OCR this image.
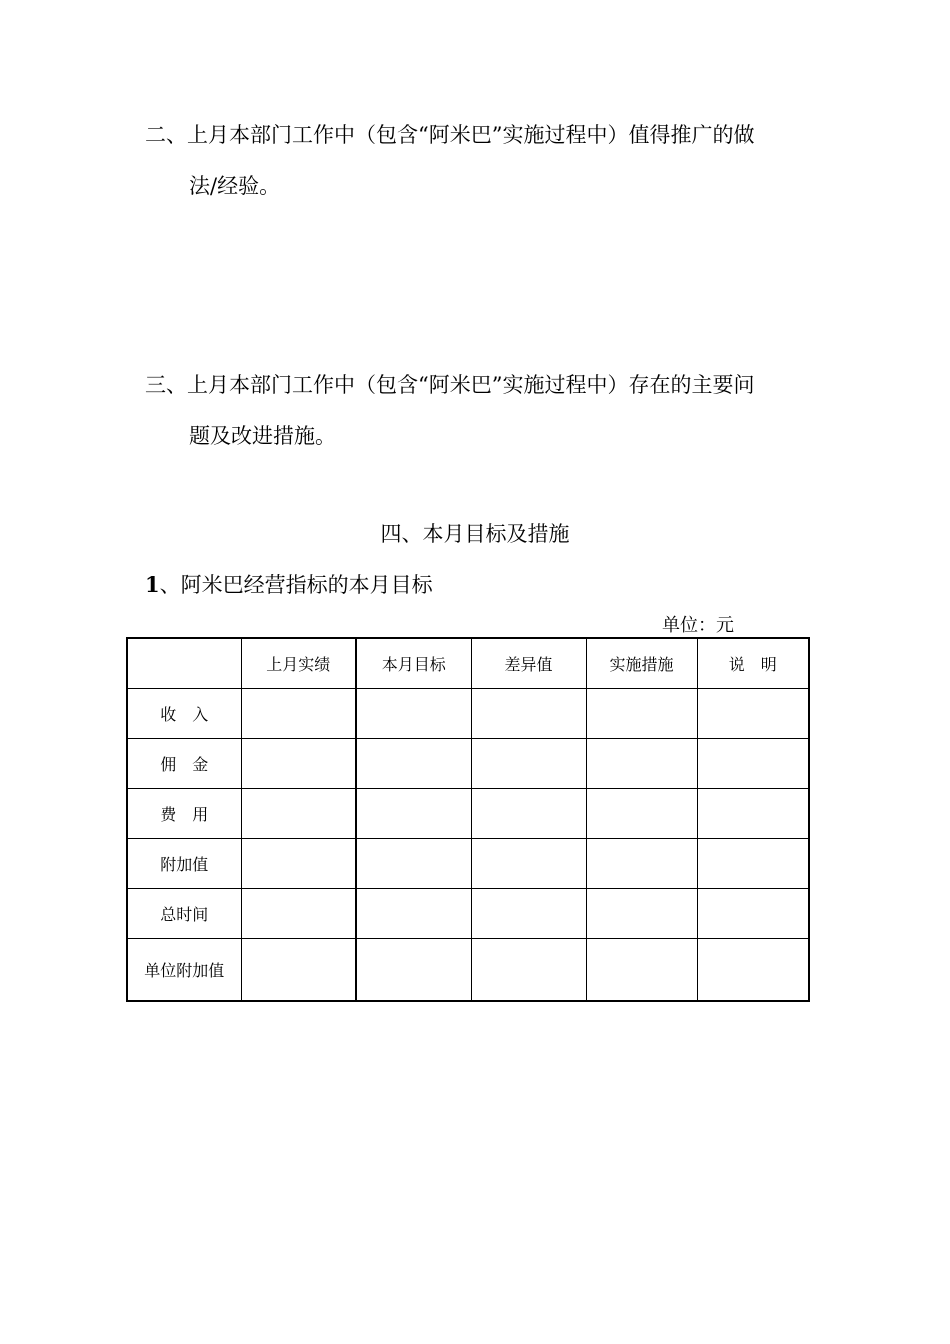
二、上月本部门工作中（包含“阿米巴”实施过程中）值得推广的做
法/经验。
三、上月本部门工作中（包含“阿米巴”实施过程中）存在的主要问
题及改进措施。
四、本月目标及措施
1、阿米巴经营指标的本月目标
单位：元
	上月实绩	本月目标	差异值	实施措施	说　明
收　入					
佣　金					
费　用					
附加值					
总时间					
单位附加值					
